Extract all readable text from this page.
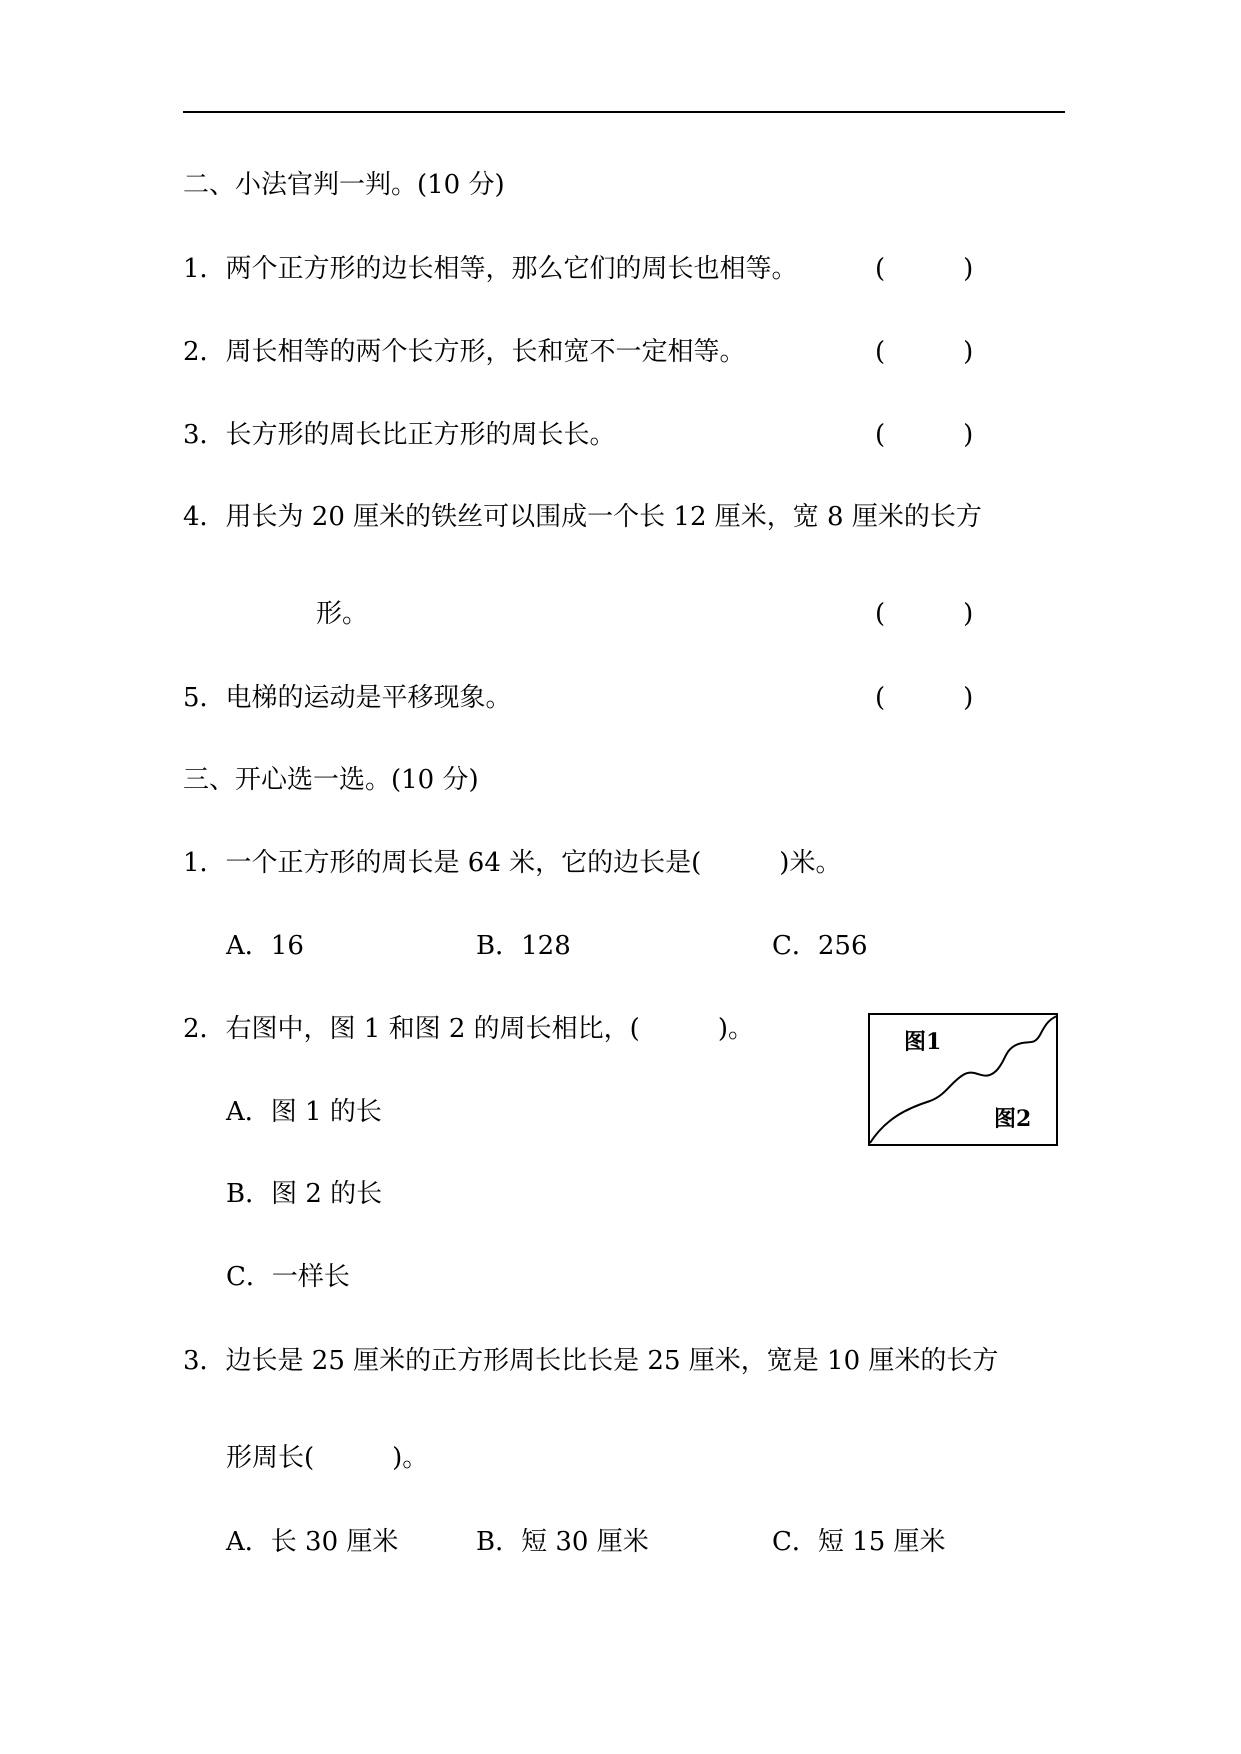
二、小法官判一判。(10 分)
1．两个正方形的边长相等，那么它们的周长也相等。	(　　　)
2．周长相等的两个长方形，长和宽不一定相等。	(　　　)
3．长方形的周长比正方形的周长长。	(　　　)
4．用长为 20 厘米的铁丝可以围成一个长 12 厘米，宽 8 厘米的长方
形。	(　　　)
5．电梯的运动是平移现象。	(　　　)
三、开心选一选。(10 分)
1．一个正方形的周长是 64 米，它的边长是(　　　)米。
A．16	B．128	C．256
2．右图中，图 1 和图 2 的周长相比，(　　　)。
A．图 1 的长
B．图 2 的长
C．一样长
图1
图2
3．边长是 25 厘米的正方形周长比长是 25 厘米，宽是 10 厘米的长方
形周长(　　　)。
A．长 30 厘米	B．短 30 厘米	C．短 15 厘米
